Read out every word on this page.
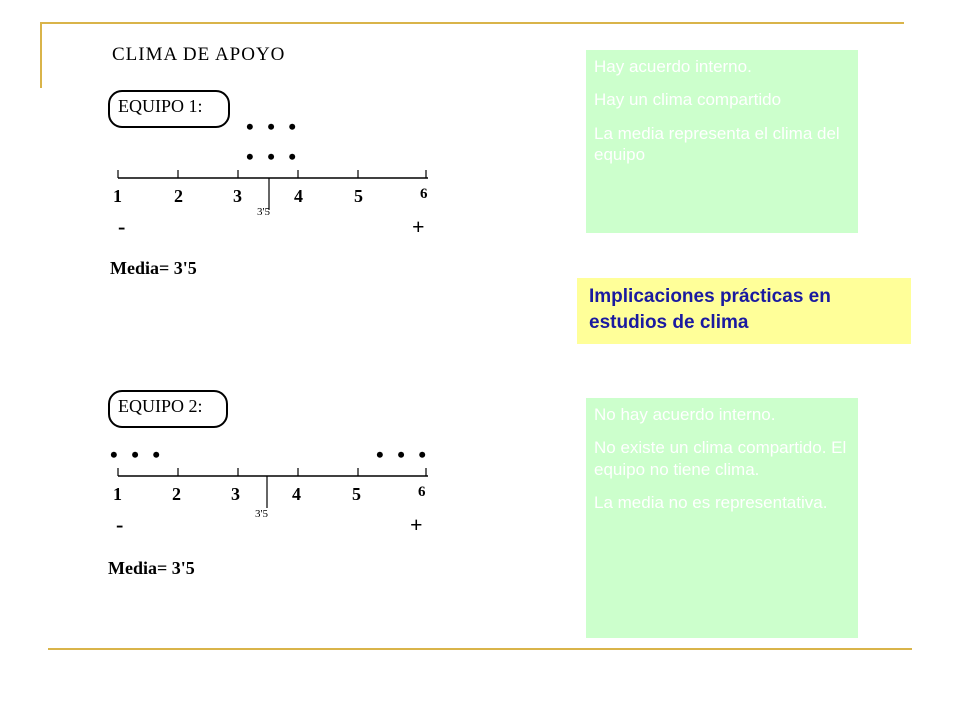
CLIMA DE APOYO
EQUIPO 1:
• • •
• • •
1	2	3	4	5	6
3'5
-	+
Media= 3'5
EQUIPO 2:
• • •	• • •
1	2	3	4	5	6
3'5
-	+
Media= 3'5

Hay acuerdo interno.

Hay un clima compartido

La media representa el clima del equipo

Implicaciones prácticas en estudios de clima

No hay acuerdo interno.

No existe un clima compartido. El equipo no tiene clima.

La media no es representativa.
